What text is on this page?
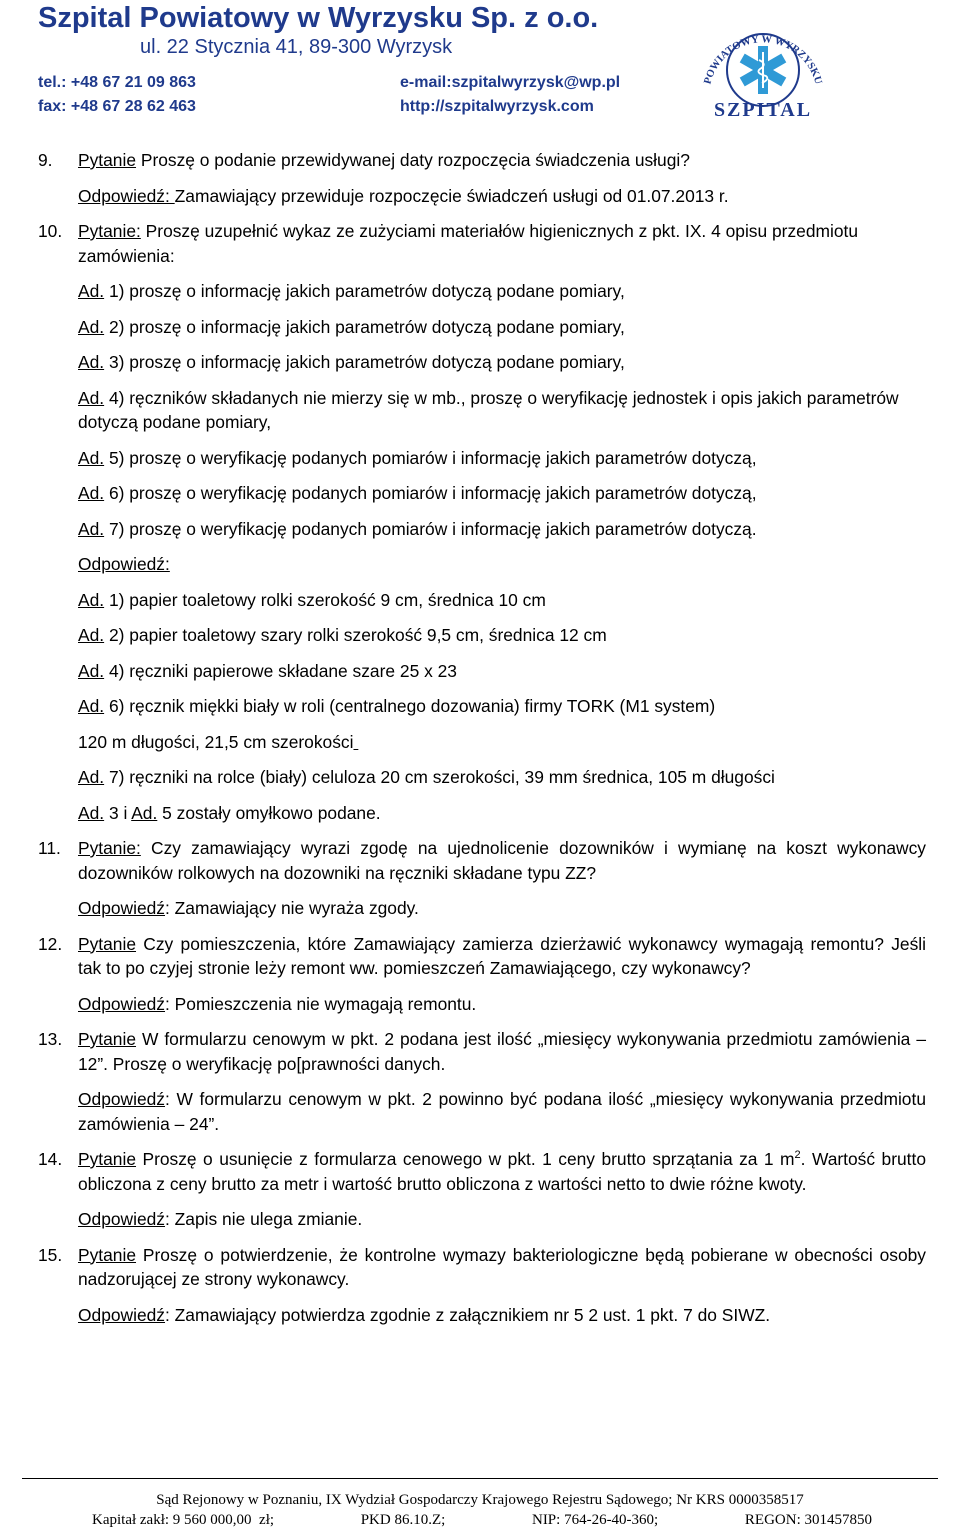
Szpital Powiatowy w Wyrzysku Sp. z o.o.
ul. 22 Stycznia 41, 89-300 Wyrzysk
tel.: +48 67 21 09 863	e-mail:szpitalwyrzysk@wp.pl
fax: +48 67 28 62 463	http://szpitalwyrzysk.com
POWIATOWY W WYRZYSKU
SZPITAL
9. Pytanie Proszę o podanie przewidywanej daty rozpoczęcia świadczenia usługi?
Odpowiedź: Zamawiający przewiduje rozpoczęcie świadczeń usługi od 01.07.2013 r.
10. Pytanie: Proszę uzupełnić wykaz ze zużyciami materiałów higienicznych z pkt. IX. 4 opisu przedmiotu zamówienia:
Ad. 1) proszę o informację jakich parametrów dotyczą podane pomiary,
Ad. 2) proszę o informację jakich parametrów dotyczą podane pomiary,
Ad. 3) proszę o informację jakich parametrów dotyczą podane pomiary,
Ad. 4) ręczników składanych nie mierzy się w mb., proszę o weryfikację jednostek i opis jakich parametrów dotyczą podane pomiary,
Ad. 5) proszę o weryfikację podanych pomiarów i informację jakich parametrów dotyczą,
Ad. 6) proszę o weryfikację podanych pomiarów i informację jakich parametrów dotyczą,
Ad. 7) proszę o weryfikację podanych pomiarów i informację jakich parametrów dotyczą.
Odpowiedź:
Ad. 1) papier toaletowy rolki szerokość 9 cm, średnica 10 cm
Ad. 2) papier toaletowy szary rolki szerokość 9,5 cm, średnica 12 cm
Ad. 4) ręczniki papierowe składane szare 25 x 23
Ad. 6) ręcznik miękki biały w roli (centralnego dozowania) firmy TORK (M1 system)
120 m długości, 21,5 cm szerokości
Ad. 7) ręczniki na rolce (biały) celuloza 20 cm szerokości, 39 mm średnica, 105 m długości
Ad. 3 i Ad. 5 zostały omyłkowo podane.
11. Pytanie: Czy zamawiający wyrazi zgodę na ujednolicenie dozowników i wymianę na koszt wykonawcy dozowników rolkowych na dozowniki na ręczniki składane typu ZZ?
Odpowiedź: Zamawiający nie wyraża zgody.
12. Pytanie Czy pomieszczenia, które Zamawiający zamierza dzierżawić wykonawcy wymagają remontu? Jeśli tak to po czyjej stronie leży remont ww. pomieszczeń Zamawiającego, czy wykonawcy?
Odpowiedź: Pomieszczenia nie wymagają remontu.
13. Pytanie W formularzu cenowym w pkt. 2 podana jest ilość „miesięcy wykonywania przedmiotu zamówienia – 12”. Proszę o weryfikację po[prawności danych.
Odpowiedź: W formularzu cenowym w pkt. 2 powinno być podana ilość „miesięcy wykonywania przedmiotu zamówienia – 24”.
14. Pytanie Proszę o usunięcie z formularza cenowego w pkt. 1 ceny brutto sprzątania za 1 $m^2$. Wartość brutto obliczona z ceny brutto za metr i wartość brutto obliczona z wartości netto to dwie różne kwoty.
Odpowiedź: Zapis nie ulega zmianie.
15. Pytanie Proszę o potwierdzenie, że kontrolne wymazy bakteriologiczne będą pobierane w obecności osoby nadzorującej ze strony wykonawcy.
Odpowiedź: Zamawiający potwierdza zgodnie z załącznikiem nr 5 2 ust. 1 pkt. 7 do SIWZ.
Sąd Rejonowy w Poznaniu, IX Wydział Gospodarczy Krajowego Rejestru Sądowego; Nr KRS 0000358517
Kapitał zakł: 9 560 000,00  zł;	PKD 86.10.Z;	NIP: 764-26-40-360;	REGON: 301457850
